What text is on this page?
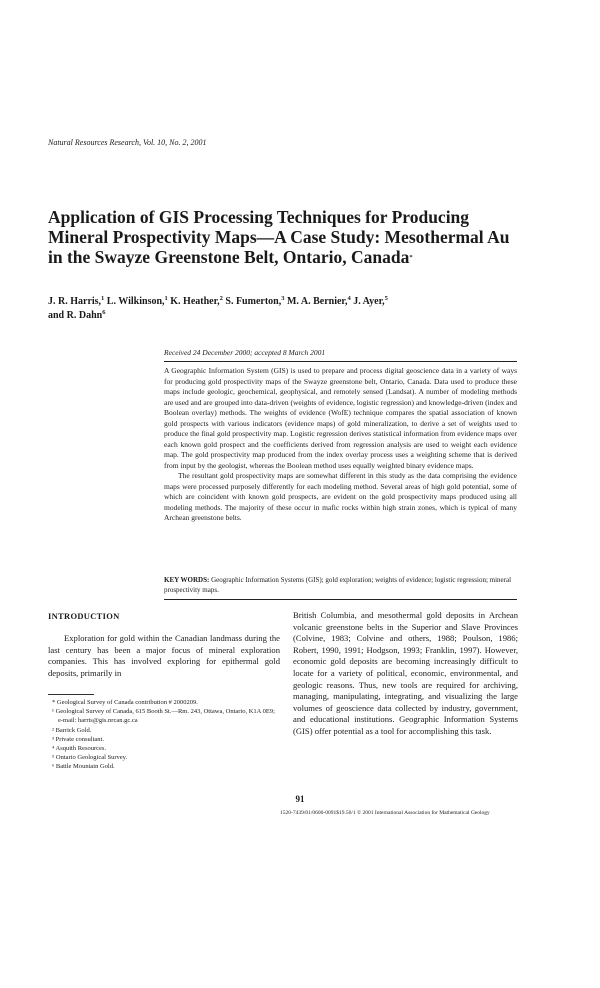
Natural Resources Research, Vol. 10, No. 2, 2001
Application of GIS Processing Techniques for Producing Mineral Prospectivity Maps—A Case Study: Mesothermal Au in the Swayze Greenstone Belt, Ontario, Canada*
J. R. Harris,$^1$ L. Wilkinson,$^1$ K. Heather,$^2$ S. Fumerton,$^3$ M. A. Bernier,$^4$ J. Ayer,$^5$
and R. Dahn$^6$
Received 24 December 2000; accepted 8 March 2001

A Geographic Information System (GIS) is used to prepare and process digital geoscience data in a variety of ways for producing gold prospectivity maps of the Swayze greenstone belt, Ontario, Canada. Data used to produce these maps include geologic, geochemical, geophysical, and remotely sensed (Landsat). A number of modeling methods are used and are grouped into data-driven (weights of evidence, logistic regression) and knowledge-driven (index and Boolean overlay) methods. The weights of evidence (WofE) technique compares the spatial association of known gold prospects with various indicators (evidence maps) of gold mineralization, to derive a set of weights used to produce the final gold prospectivity map. Logistic regression derives statistical information from evidence maps over each known gold prospect and the coefficients derived from regression analysis are used to weight each evidence map. The gold prospectivity map produced from the index overlay process uses a weighting scheme that is derived from input by the geologist, whereas the Boolean method uses equally weighted binary evidence maps.

The resultant gold prospectivity maps are somewhat different in this study as the data comprising the evidence maps were processed purposely differently for each modeling method. Several areas of high gold potential, some of which are coincident with known gold prospects, are evident on the gold prospectivity maps produced using all modeling methods. The majority of these occur in mafic rocks within high strain zones, which is typical of many Archean greenstone belts.

KEY WORDS: Geographic Information Systems (GIS); gold exploration; weights of evidence; logistic regression; mineral prospectivity maps.
INTRODUCTION

Exploration for gold within the Canadian landmass during the last century has been a major focus of mineral exploration companies. This has involved exploring for epithermal gold deposits, primarily in

* Geological Survey of Canada contribution # 2000209.

¹ Geological Survey of Canada, 615 Booth St.—Rm. 243, Ottawa, Ontario, K1A 0E9; e-mail: harris@gis.nrcan.gc.ca

² Barrick Gold.

³ Private consultant.

⁴ Asquith Resources.

⁵ Ontario Geological Survey.

⁶ Battle Mountain Gold.

British Columbia, and mesothermal gold deposits in Archean volcanic greenstone belts in the Superior and Slave Provinces (Colvine, 1983; Colvine and others, 1988; Poulson, 1986; Robert, 1990, 1991; Hodgson, 1993; Franklin, 1997). However, economic gold deposits are becoming increasingly difficult to locate for a variety of political, economic, environmental, and geologic reasons. Thus, new tools are required for archiving, managing, manipulating, integrating, and visualizing the large volumes of geoscience data collected by industry, government, and educational institutions. Geographic Information Systems (GIS) offer potential as a tool for accomplishing this task.

91
1520-7439/01/0600-0091$19.50/1 © 2001 International Association for Mathematical Geology
